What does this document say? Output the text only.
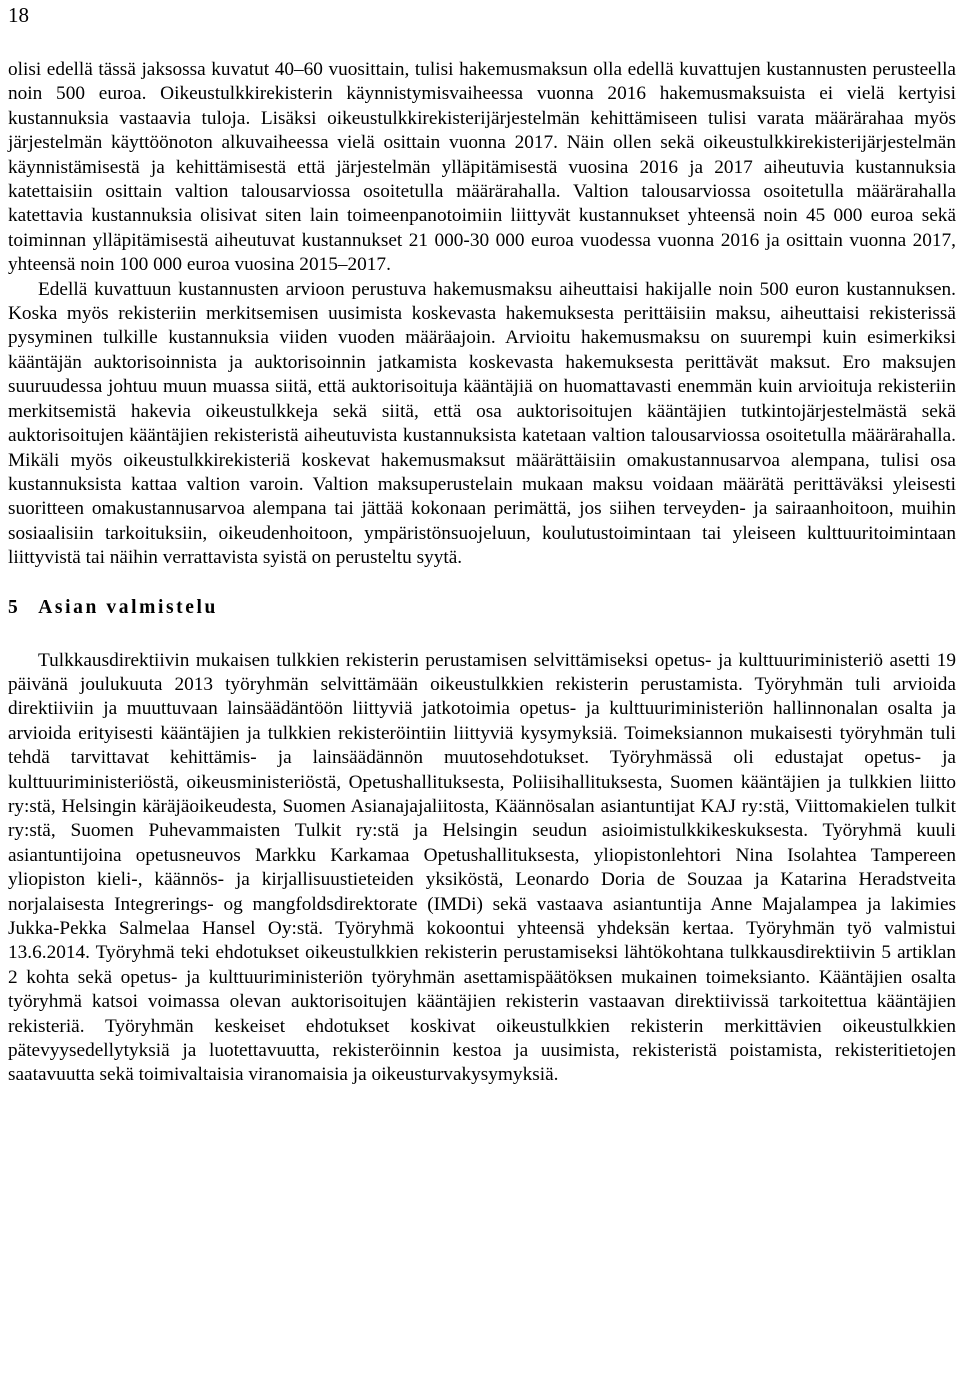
18

olisi edellä tässä jaksossa kuvatut 40–60 vuosittain, tulisi hakemusmaksun olla edellä kuvattujen kustannusten perusteella noin 500 euroa. Oikeustulkkirekisterin käynnistymisvaiheessa vuonna 2016 hakemusmaksuista ei vielä kertyisi kustannuksia vastaavia tuloja. Lisäksi oikeustulkkirekisterijärjestelmän kehittämiseen tulisi varata määrärahaa myös järjestelmän käyttöönoton alkuvaiheessa vielä osittain vuonna 2017. Näin ollen sekä oikeustulkkirekisterijärjestelmän käynnistämisestä ja kehittämisestä että järjestelmän ylläpitämisestä vuosina 2016 ja 2017 aiheutuvia kustannuksia katettaisiin osittain valtion talousarviossa osoitetulla määrärahalla. Valtion talousarviossa osoitetulla määrärahalla katettavia kustannuksia olisivat siten lain toimeenpanotoimiin liittyvät kustannukset yhteensä noin 45 000 euroa sekä toiminnan ylläpitämisestä aiheutuvat kustannukset 21 000-30 000 euroa vuodessa vuonna 2016 ja osittain vuonna 2017, yhteensä noin 100 000 euroa vuosina 2015–2017.

Edellä kuvattuun kustannusten arvioon perustuva hakemusmaksu aiheuttaisi hakijalle noin 500 euron kustannuksen. Koska myös rekisteriin merkitsemisen uusimista koskevasta hakemuksesta perittäisiin maksu, aiheuttaisi rekisterissä pysyminen tulkille kustannuksia viiden vuoden määräajoin. Arvioitu hakemusmaksu on suurempi kuin esimerkiksi kääntäjän auktorisoinnista ja auktorisoinnin jatkamista koskevasta hakemuksesta perittävät maksut. Ero maksujen suuruudessa johtuu muun muassa siitä, että auktorisoituja kääntäjiä on huomattavasti enemmän kuin arvioituja rekisteriin merkitsemistä hakevia oikeustulkkeja sekä siitä, että osa auktorisoitujen kääntäjien tutkintojärjestelmästä sekä auktorisoitujen kääntäjien rekisteristä aiheutuvista kustannuksista katetaan valtion talousarviossa osoitetulla määrärahalla. Mikäli myös oikeustulkkirekisteriä koskevat hakemusmaksut määrättäisiin omakustannusarvoa alempana, tulisi osa kustannuksista kattaa valtion varoin. Valtion maksuperustelain mukaan maksu voidaan määrätä perittäväksi yleisesti suoritteen omakustannusarvoa alempana tai jättää kokonaan perimättä, jos siihen terveyden- ja sairaanhoitoon, muihin sosiaalisiin tarkoituksiin, oikeudenhoitoon, ympäristönsuojeluun, koulutustoimintaan tai yleiseen kulttuuritoimintaan liittyvistä tai näihin verrattavista syistä on perusteltu syytä.

5 Asian valmistelu

Tulkkausdirektiivin mukaisen tulkkien rekisterin perustamisen selvittämiseksi opetus- ja kulttuuriministeriö asetti 19 päivänä joulukuuta 2013 työryhmän selvittämään oikeustulkkien rekisterin perustamista. Työryhmän tuli arvioida direktiiviin ja muuttuvaan lainsäädäntöön liittyviä jatkotoimia opetus- ja kulttuuriministeriön hallinnonalan osalta ja arvioida erityisesti kääntäjien ja tulkkien rekisteröintiin liittyviä kysymyksiä. Toimeksiannon mukaisesti työryhmän tuli tehdä tarvittavat kehittämis- ja lainsäädännön muutosehdotukset. Työryhmässä oli edustajat opetus- ja kulttuuriministeriöstä, oikeusministeriöstä, Opetushallituksesta, Poliisihallituksesta, Suomen kääntäjien ja tulkkien liitto ry:stä, Helsingin käräjäoikeudesta, Suomen Asianajajaliitosta, Käännösalan asiantuntijat KAJ ry:stä, Viittomakielen tulkit ry:stä, Suomen Puhevammaisten Tulkit ry:stä ja Helsingin seudun asioimistulkkikeskuksesta. Työryhmä kuuli asiantuntijoina opetusneuvos Markku Karkamaa Opetushallituksesta, yliopistonlehtori Nina Isolahtea Tampereen yliopiston kieli-, käännös- ja kirjallisuustieteiden yksiköstä, Leonardo Doria de Souzaa ja Katarina Heradstveita norjalaisesta Integrerings- og mangfoldsdirektorate (IMDi) sekä vastaava asiantuntija Anne Majalampea ja lakimies Jukka-Pekka Salmelaa Hansel Oy:stä. Työryhmä kokoontui yhteensä yhdeksän kertaa. Työryhmän työ valmistui 13.6.2014. Työryhmä teki ehdotukset oikeustulkkien rekisterin perustamiseksi lähtökohtana tulkkausdirektiivin 5 artiklan 2 kohta sekä opetus- ja kulttuuriministeriön työryhmän asettamispäätöksen mukainen toimeksianto. Kääntäjien osalta työryhmä katsoi voimassa olevan auktorisoitujen kääntäjien rekisterin vastaavan direktiivissä tarkoitettua kääntäjien rekisteriä. Työryhmän keskeiset ehdotukset koskivat oikeustulkkien rekisterin merkittävien oikeustulkkien pätevyysedellytyksiä ja luotettavuutta, rekisteröinnin kestoa ja uusimista, rekisteristä poistamista, rekisteritietojen saatavuutta sekä toimivaltaisia viranomaisia ja oikeusturvakysymyksiä.
